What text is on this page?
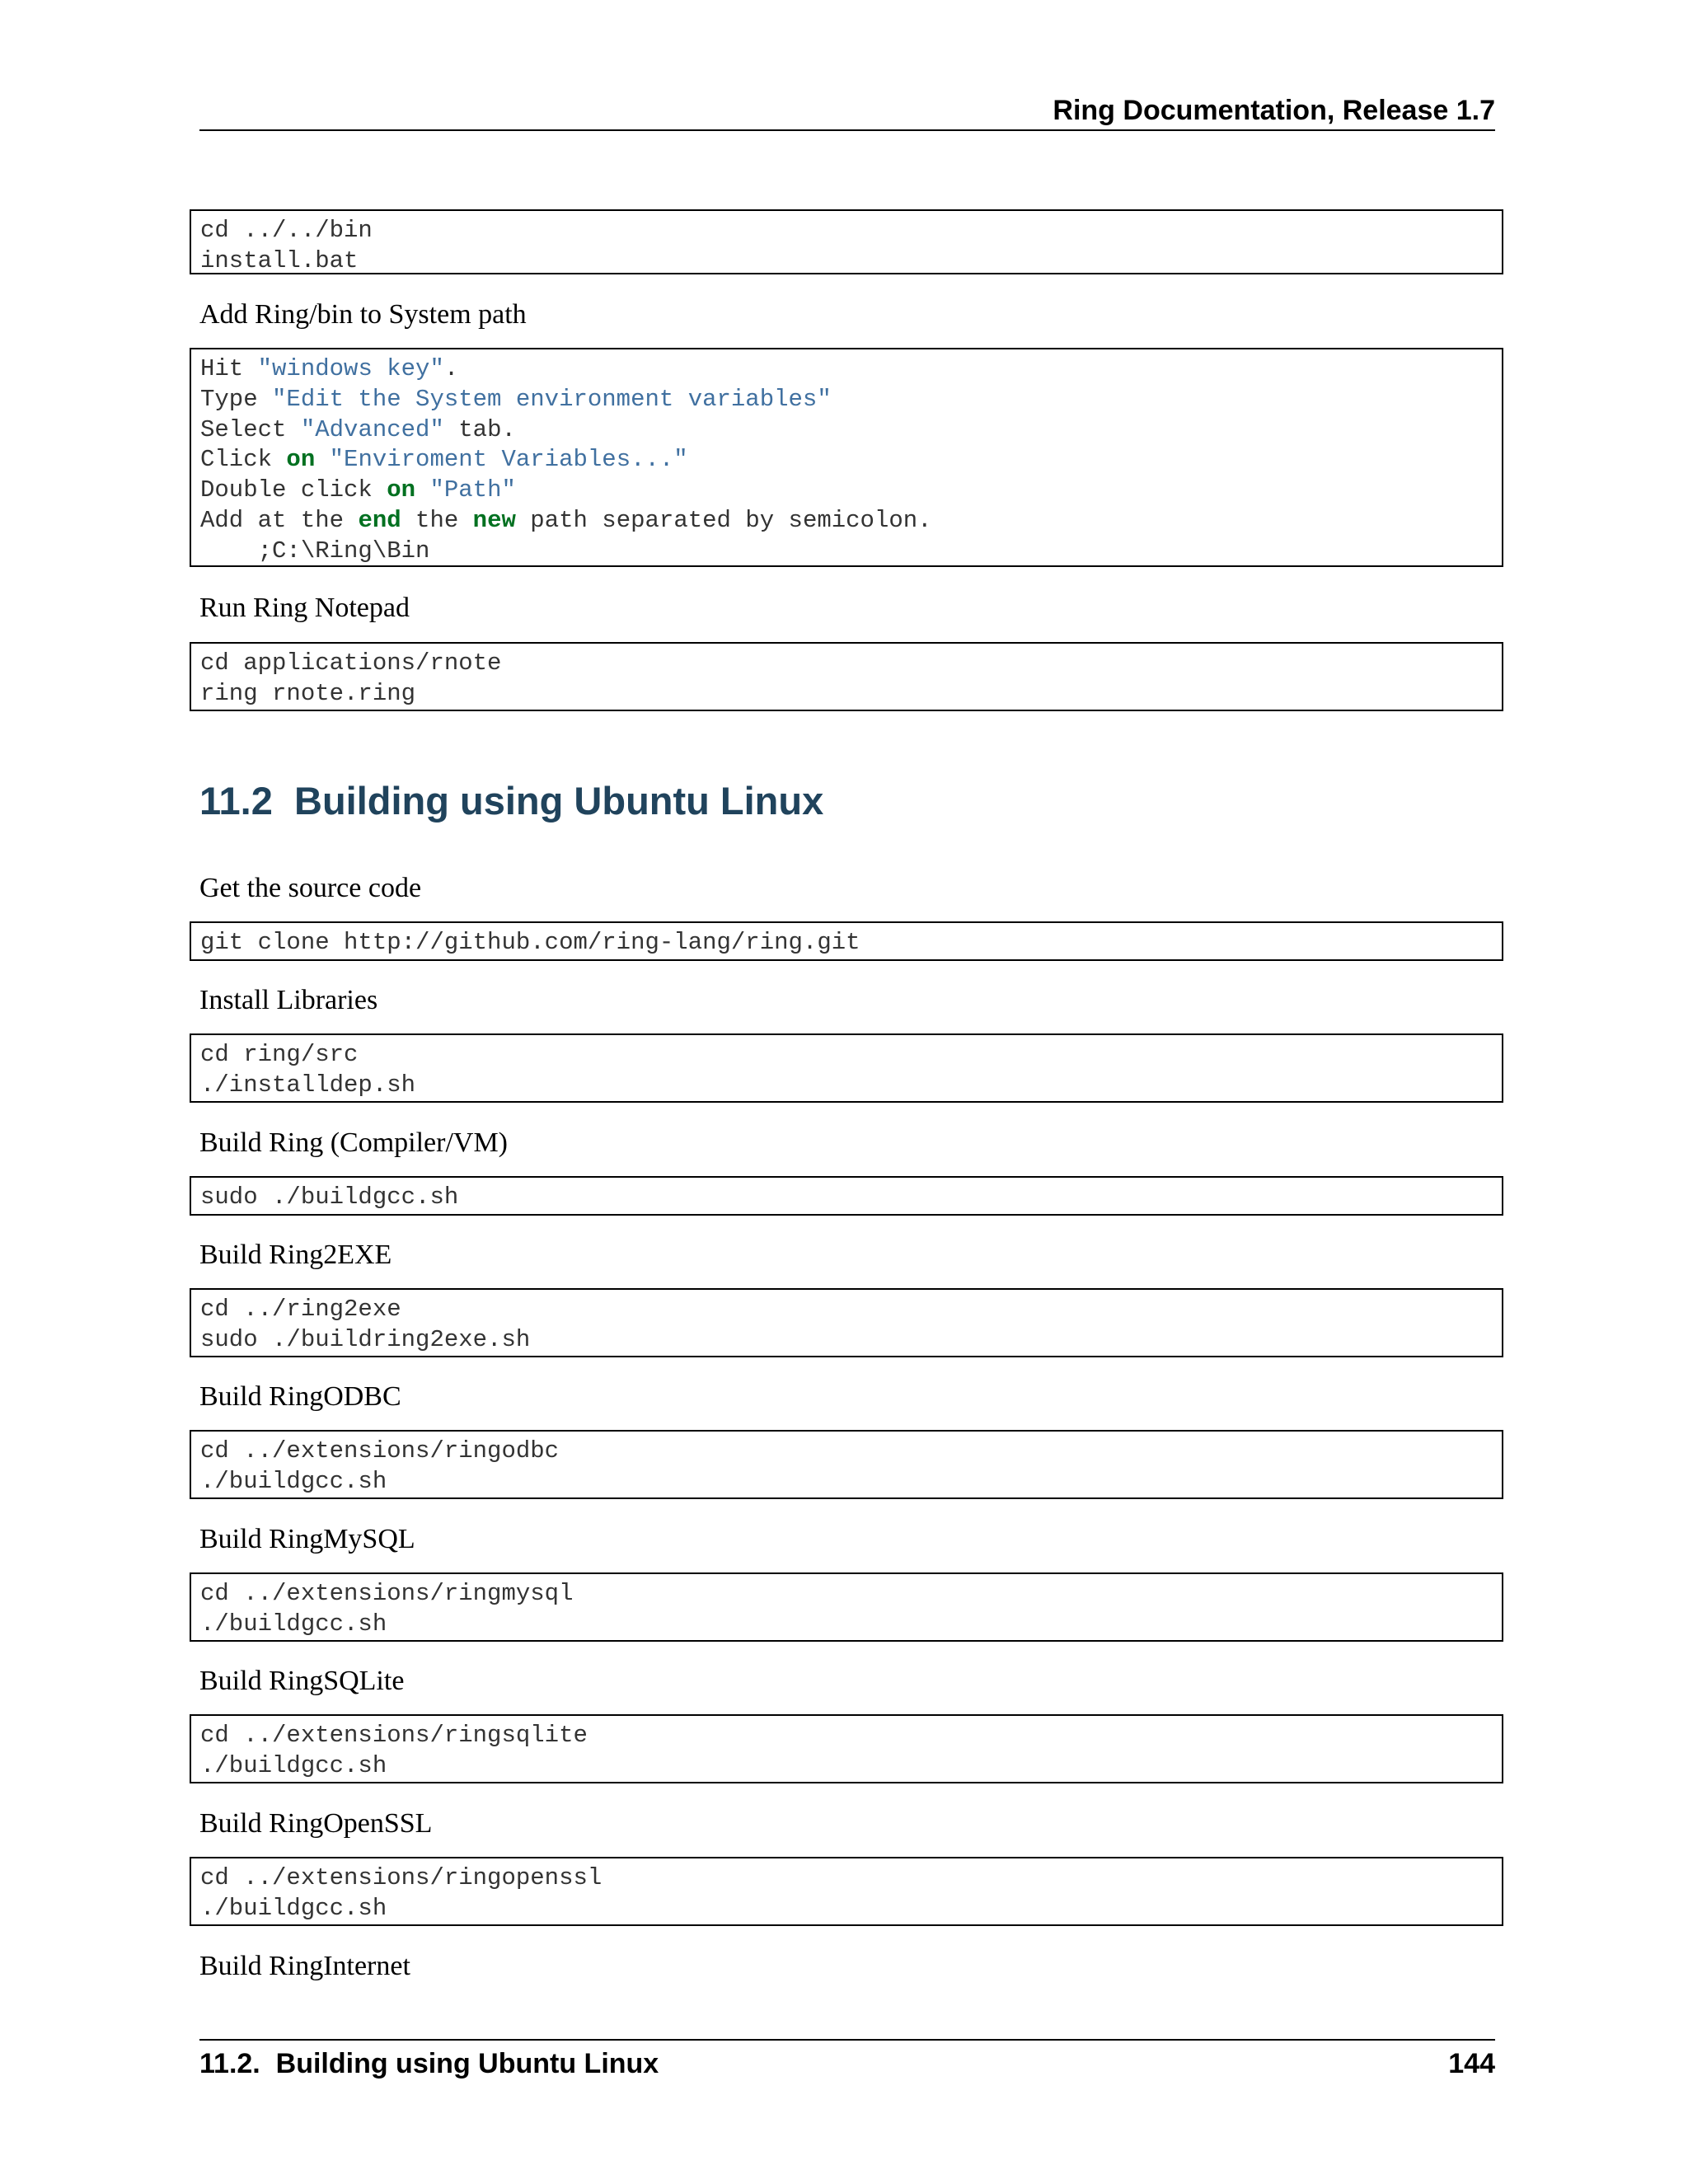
Ring Documentation, Release 1.7
cd ../../bin
install.bat
Add Ring/bin to System path
Hit "windows key".
Type "Edit the System environment variables"
Select "Advanced" tab.
Click on "Enviroment Variables..."
Double click on "Path"
Add at the end the new path separated by semicolon.
;C:\Ring\Bin
Run Ring Notepad
cd applications/rnote
ring rnote.ring
11.2 Building using Ubuntu Linux
Get the source code
git clone http://github.com/ring-lang/ring.git
Install Libraries
cd ring/src
./installdep.sh
Build Ring (Compiler/VM)
sudo ./buildgcc.sh
Build Ring2EXE
cd ../ring2exe
sudo ./buildring2exe.sh
Build RingODBC
cd ../extensions/ringodbc
./buildgcc.sh
Build RingMySQL
cd ../extensions/ringmysql
./buildgcc.sh
Build RingSQLite
cd ../extensions/ringsqlite
./buildgcc.sh
Build RingOpenSSL
cd ../extensions/ringopenssl
./buildgcc.sh
Build RingInternet
11.2.  Building using Ubuntu Linux	144
